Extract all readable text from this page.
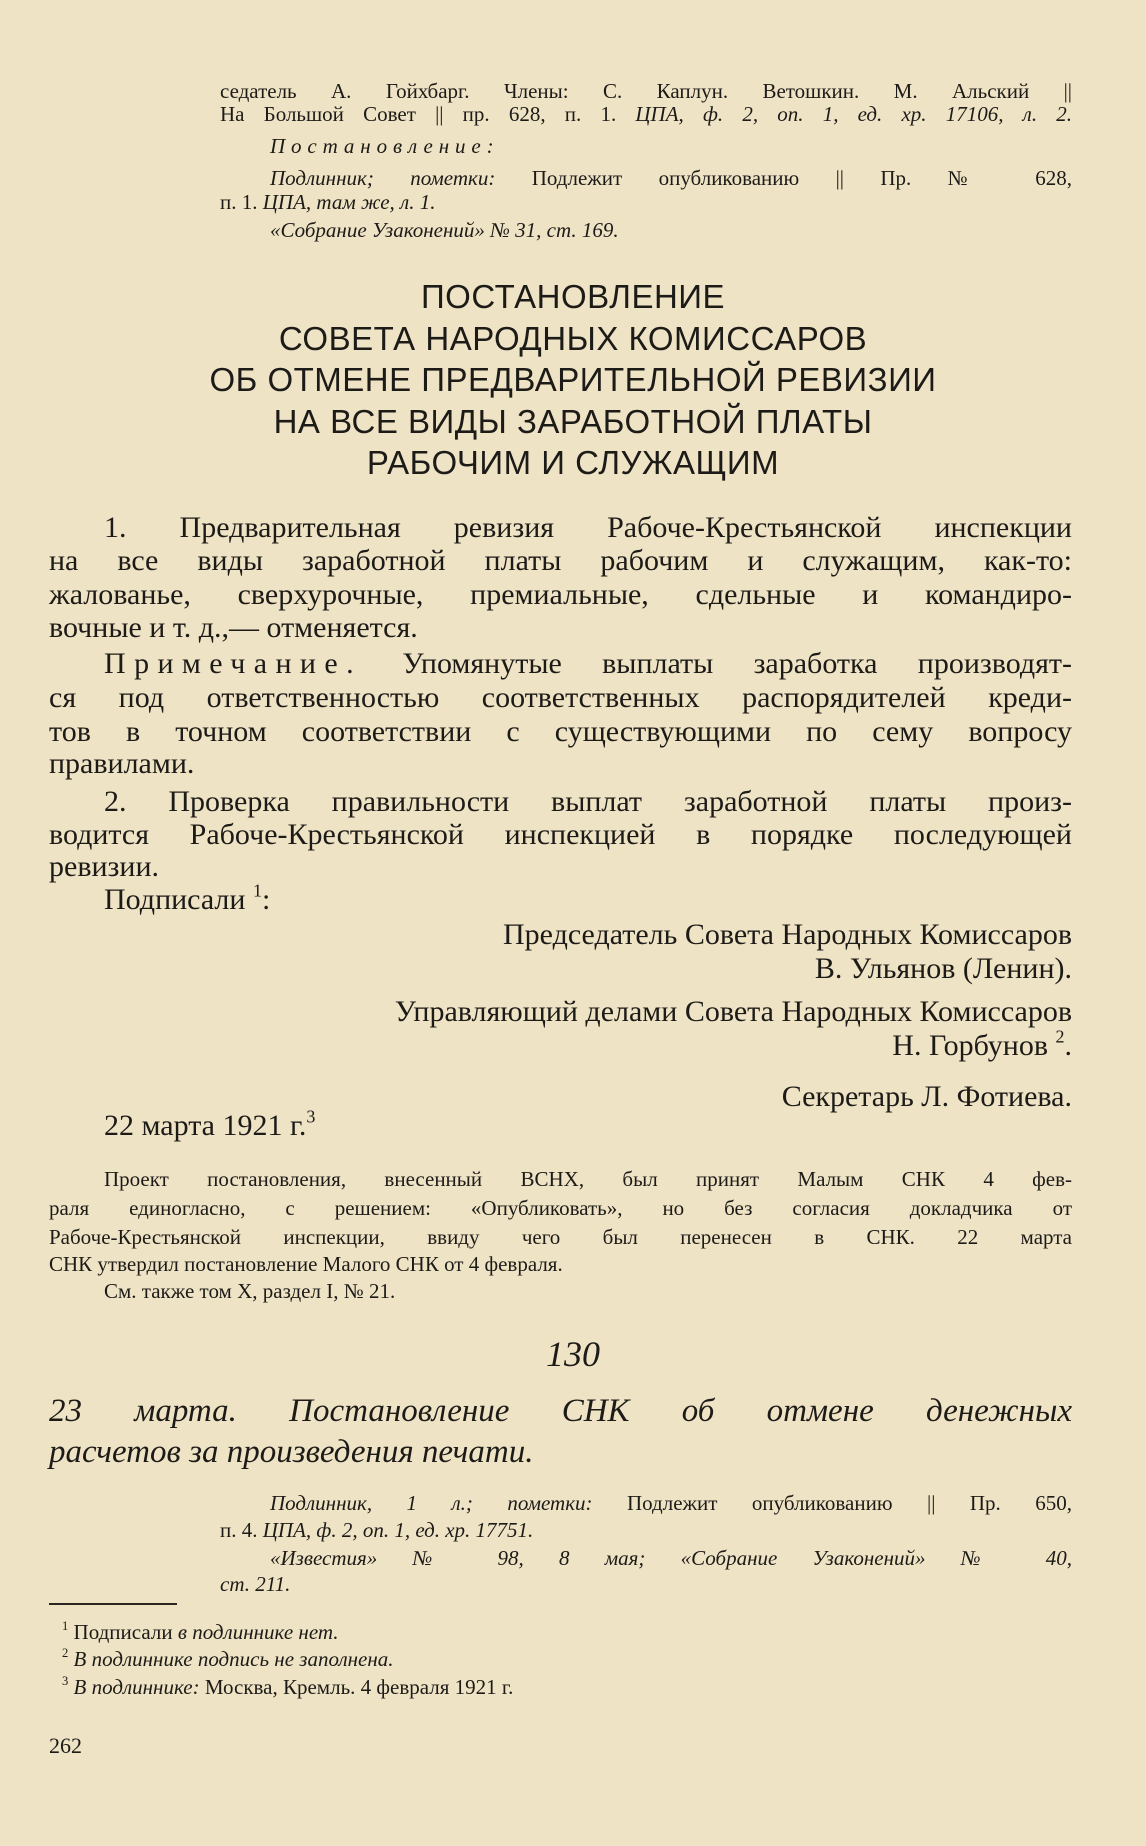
130
262
седатель А. Гойхбарг. Члены: С. Каплун. Ветошкин. М. Альский ||
На Большой Совет || пр. 628, п. 1. ЦПА, ф. 2, оп. 1, ед. хр. 17106, л. 2.
Постановление:
Подлинник; пометки: Подлежит опубликованию || Пр. № 628,
п. 1. ЦПА, там же, л. 1.
«Собрание Узаконений» № 31, ст. 169.
1. Предварительная ревизия Рабоче-Крестьянской инспекции
на все виды заработной платы рабочим и служащим, как-то:
жалованье, сверхурочные, премиальные, сдельные и командиро-
вочные и т. д.,— отменяется.
Примечание. Упомянутые выплаты заработка производят-
ся под ответственностью соответственных распорядителей креди-
тов в точном соответствии с существующими по сему вопросу
правилами.
2. Проверка правильности выплат заработной платы произ-
водится Рабоче-Крестьянской инспекцией в порядке последующей
ревизии.
Подписали $^1$:
Председатель Совета Народных Комиссаров
В. Ульянов (Ленин).
Управляющий делами Совета Народных Комиссаров
Н. Горбунов $^2$.
Секретарь Л. Фотиева.
22 марта 1921 г.$^3$
Проект постановления, внесенный ВСНХ, был принят Малым СНК 4 фев-
раля единогласно, с решением: «Опубликовать», но без согласия докладчика от
Рабоче-Крестьянской инспекции, ввиду чего был перенесен в СНК. 22 марта
СНК утвердил постановление Малого СНК от 4 февраля.
См. также том X, раздел I, № 21.
23 марта. Постановление СНК об отмене денежных
расчетов за произведения печати.
Подлинник, 1 л.; пометки: Подлежит опубликованию || Пр. 650,
п. 4. ЦПА, ф. 2, оп. 1, ед. хр. 17751.
«Известия» № 98, 8 мая; «Собрание Узаконений» № 40,
ст. 211.
$^1$ Подписали в подлиннике нет.
$^2$ В подлиннике подпись не заполнена.
$^3$ В подлиннике: Москва, Кремль. 4 февраля 1921 г.
ПОСТАНОВЛЕНИЕ
СОВЕТА НАРОДНЫХ КОМИССАРОВ
ОБ ОТМЕНЕ ПРЕДВАРИТЕЛЬНОЙ РЕВИЗИИ
НА ВСЕ ВИДЫ ЗАРАБОТНОЙ ПЛАТЫ
РАБОЧИМ И СЛУЖАЩИМ
